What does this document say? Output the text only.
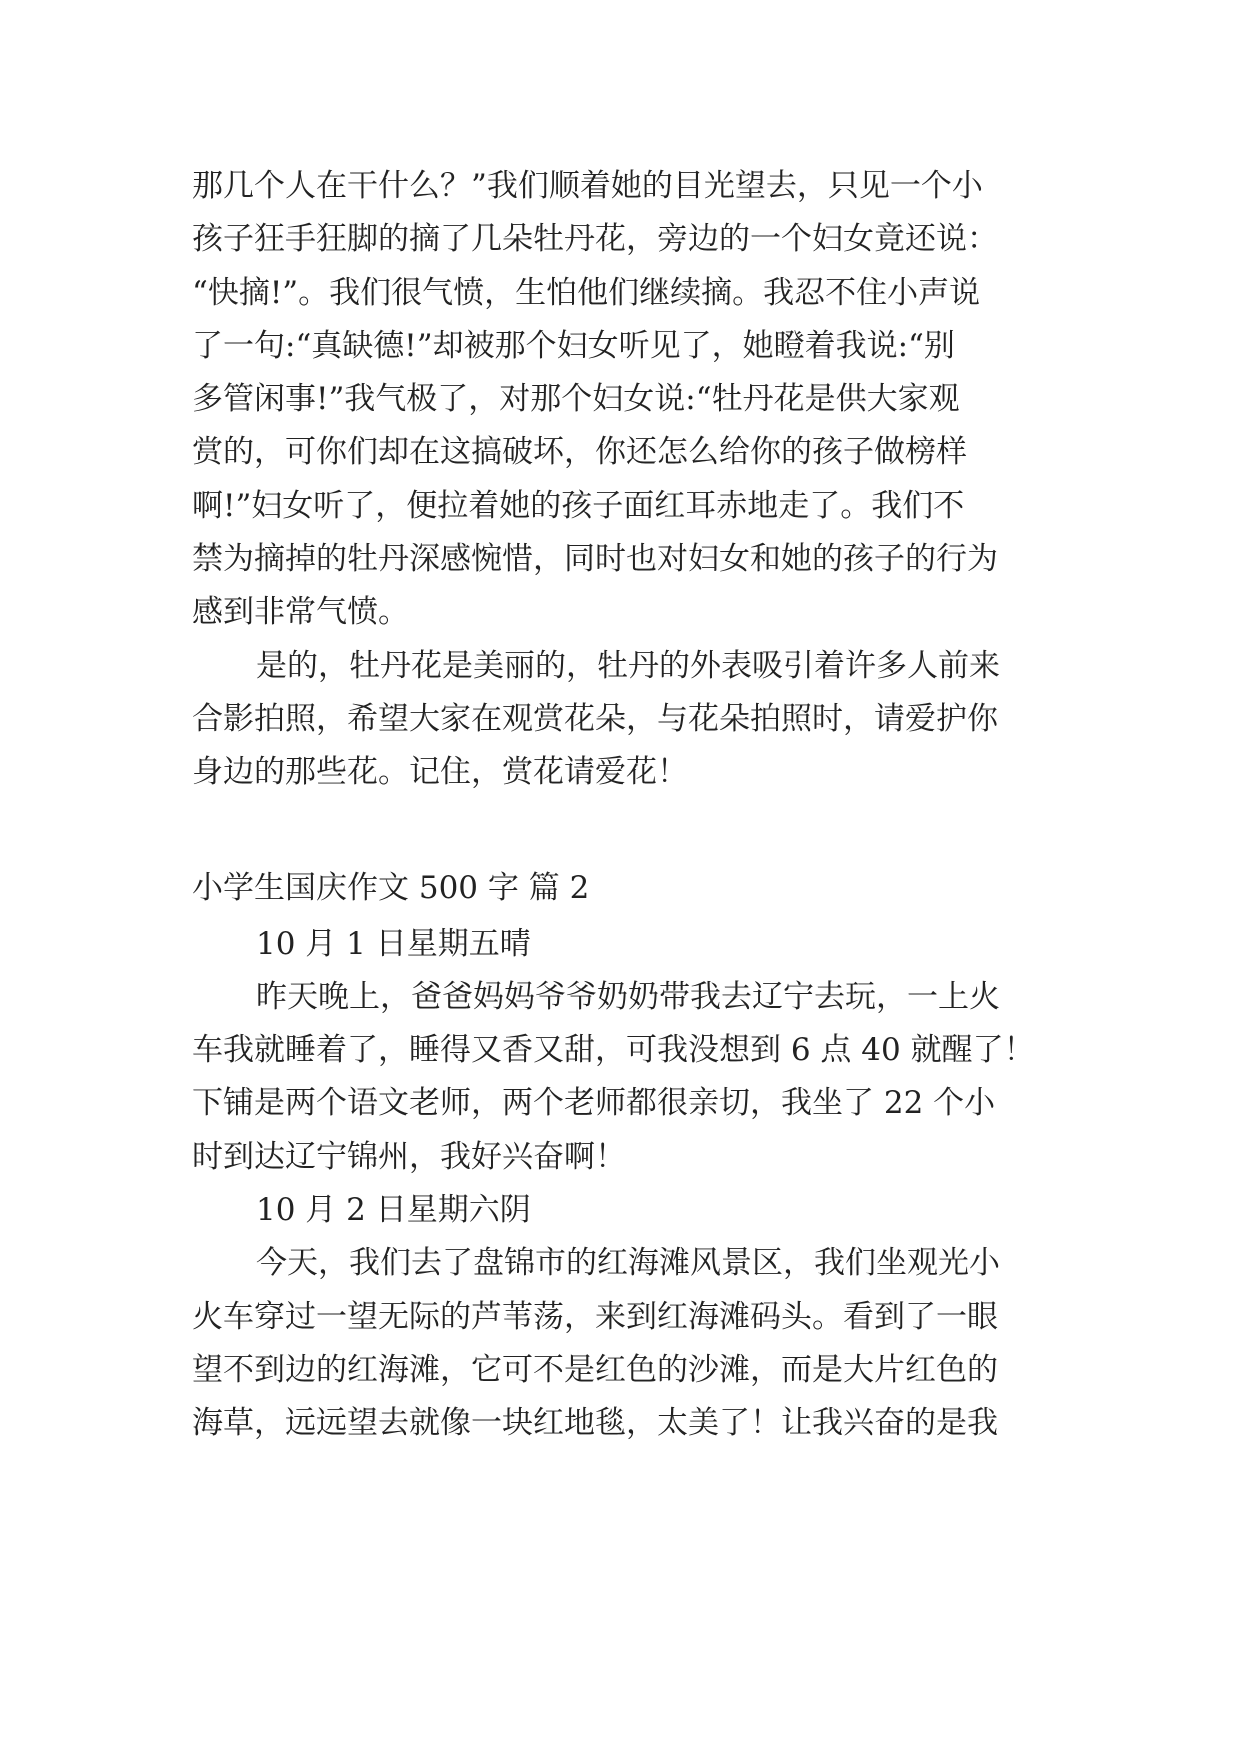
那几个人在干什么？”我们顺着她的目光望去，只见一个小

孩子狂手狂脚的摘了几朵牡丹花，旁边的一个妇女竟还说：

“快摘!”。我们很气愤，生怕他们继续摘。我忍不住小声说

了一句:“真缺德!”却被那个妇女听见了，她瞪着我说:“别

多管闲事!”我气极了，对那个妇女说:“牡丹花是供大家观

赏的，可你们却在这搞破坏，你还怎么给你的孩子做榜样

啊!”妇女听了，便拉着她的孩子面红耳赤地走了。我们不

禁为摘掉的牡丹深感惋惜，同时也对妇女和她的孩子的行为

感到非常气愤。

是的，牡丹花是美丽的，牡丹的外表吸引着许多人前来

合影拍照，希望大家在观赏花朵，与花朵拍照时，请爱护你

身边的那些花。记住，赏花请爱花！

小学生国庆作文 500 字 篇 2

10 月 1 日星期五晴

昨天晚上，爸爸妈妈爷爷奶奶带我去辽宁去玩，一上火

车我就睡着了，睡得又香又甜，可我没想到 6 点 40 就醒了！

下铺是两个语文老师，两个老师都很亲切，我坐了 22 个小

时到达辽宁锦州，我好兴奋啊！

10 月 2 日星期六阴

今天，我们去了盘锦市的红海滩风景区，我们坐观光小

火车穿过一望无际的芦苇荡，来到红海滩码头。看到了一眼

望不到边的红海滩，它可不是红色的沙滩，而是大片红色的

海草，远远望去就像一块红地毯，太美了！让我兴奋的是我
